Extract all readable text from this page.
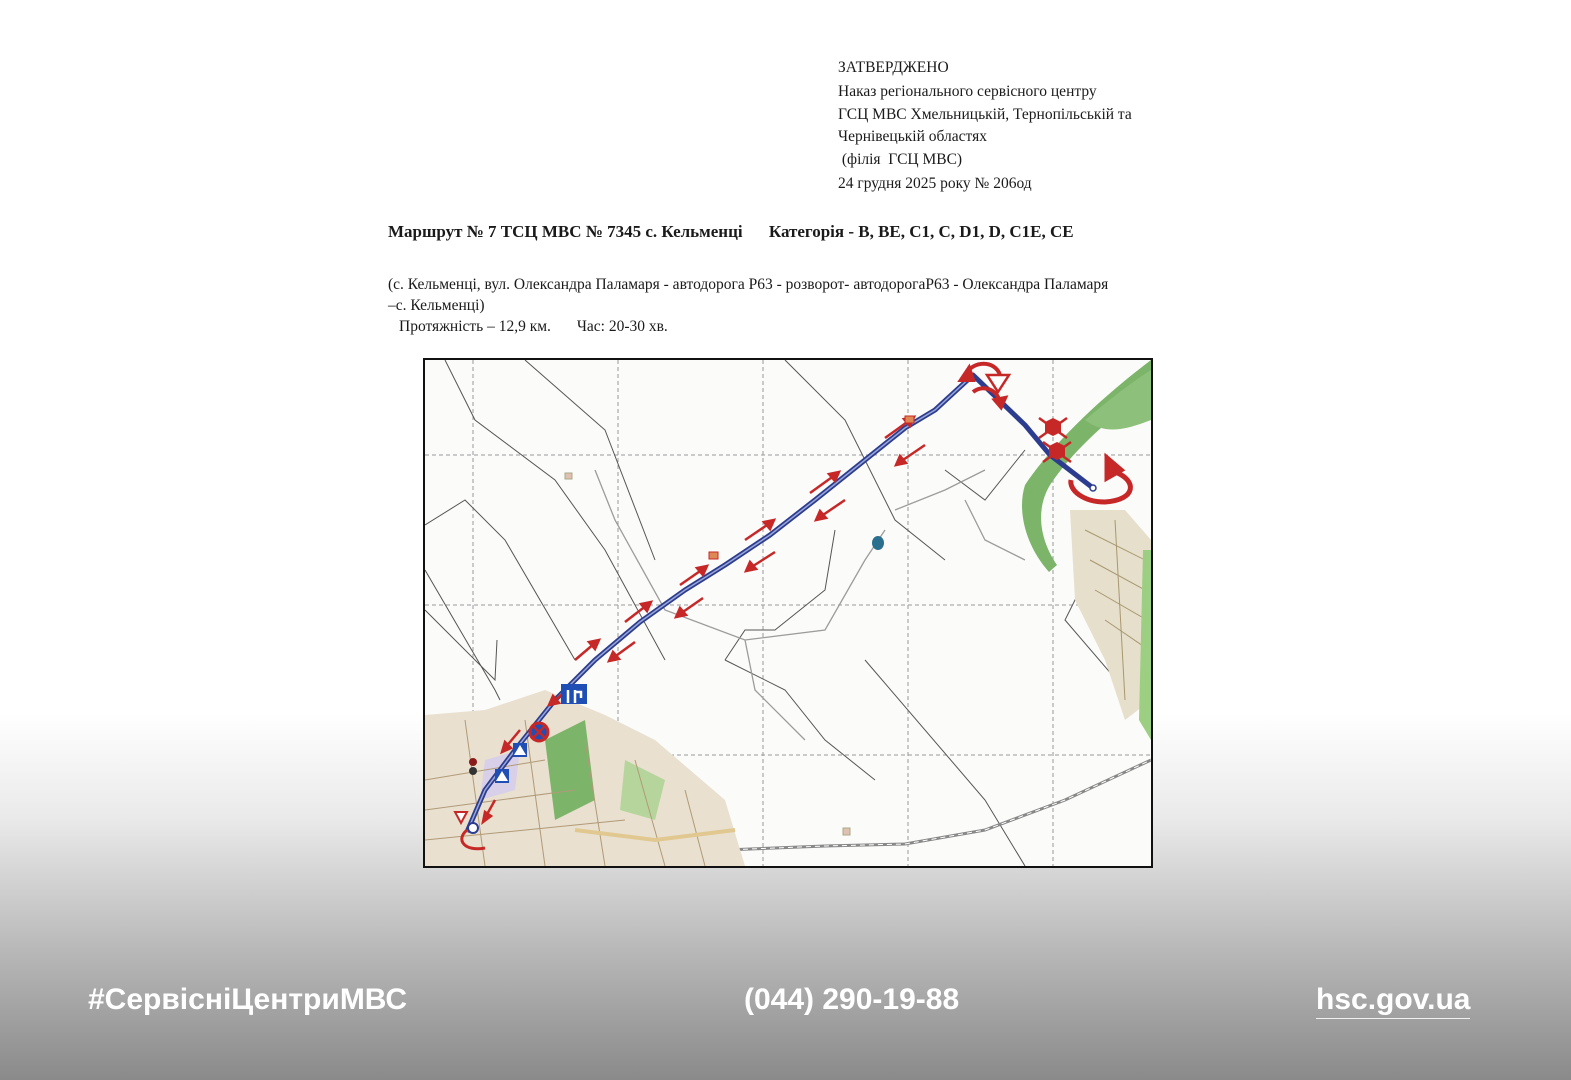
ЗАТВЕРДЖЕНО
Наказ регіонального сервісного центру
ГСЦ МВС Хмельницькій, Тернопільській та
Чернівецькій областях
(філія  ГСЦ МВС)
24 грудня 2025 року № 206од
Маршрут № 7 ТСЦ МВС № 7345 с. Кельменці Категорія - B, BE, C1, C, D1, D, C1E, CE
(с. Кельменці, вул. Олександра Паламаря - автодорога Р63 - розворот- автодорогаР63 - Олександра Паламаря
–с. Кельменці)
Протяжність – 12,9 км. Час: 20-30 хв.
#СервісніЦентриМВС	(044) 290-19-88	hsc.gov.ua
